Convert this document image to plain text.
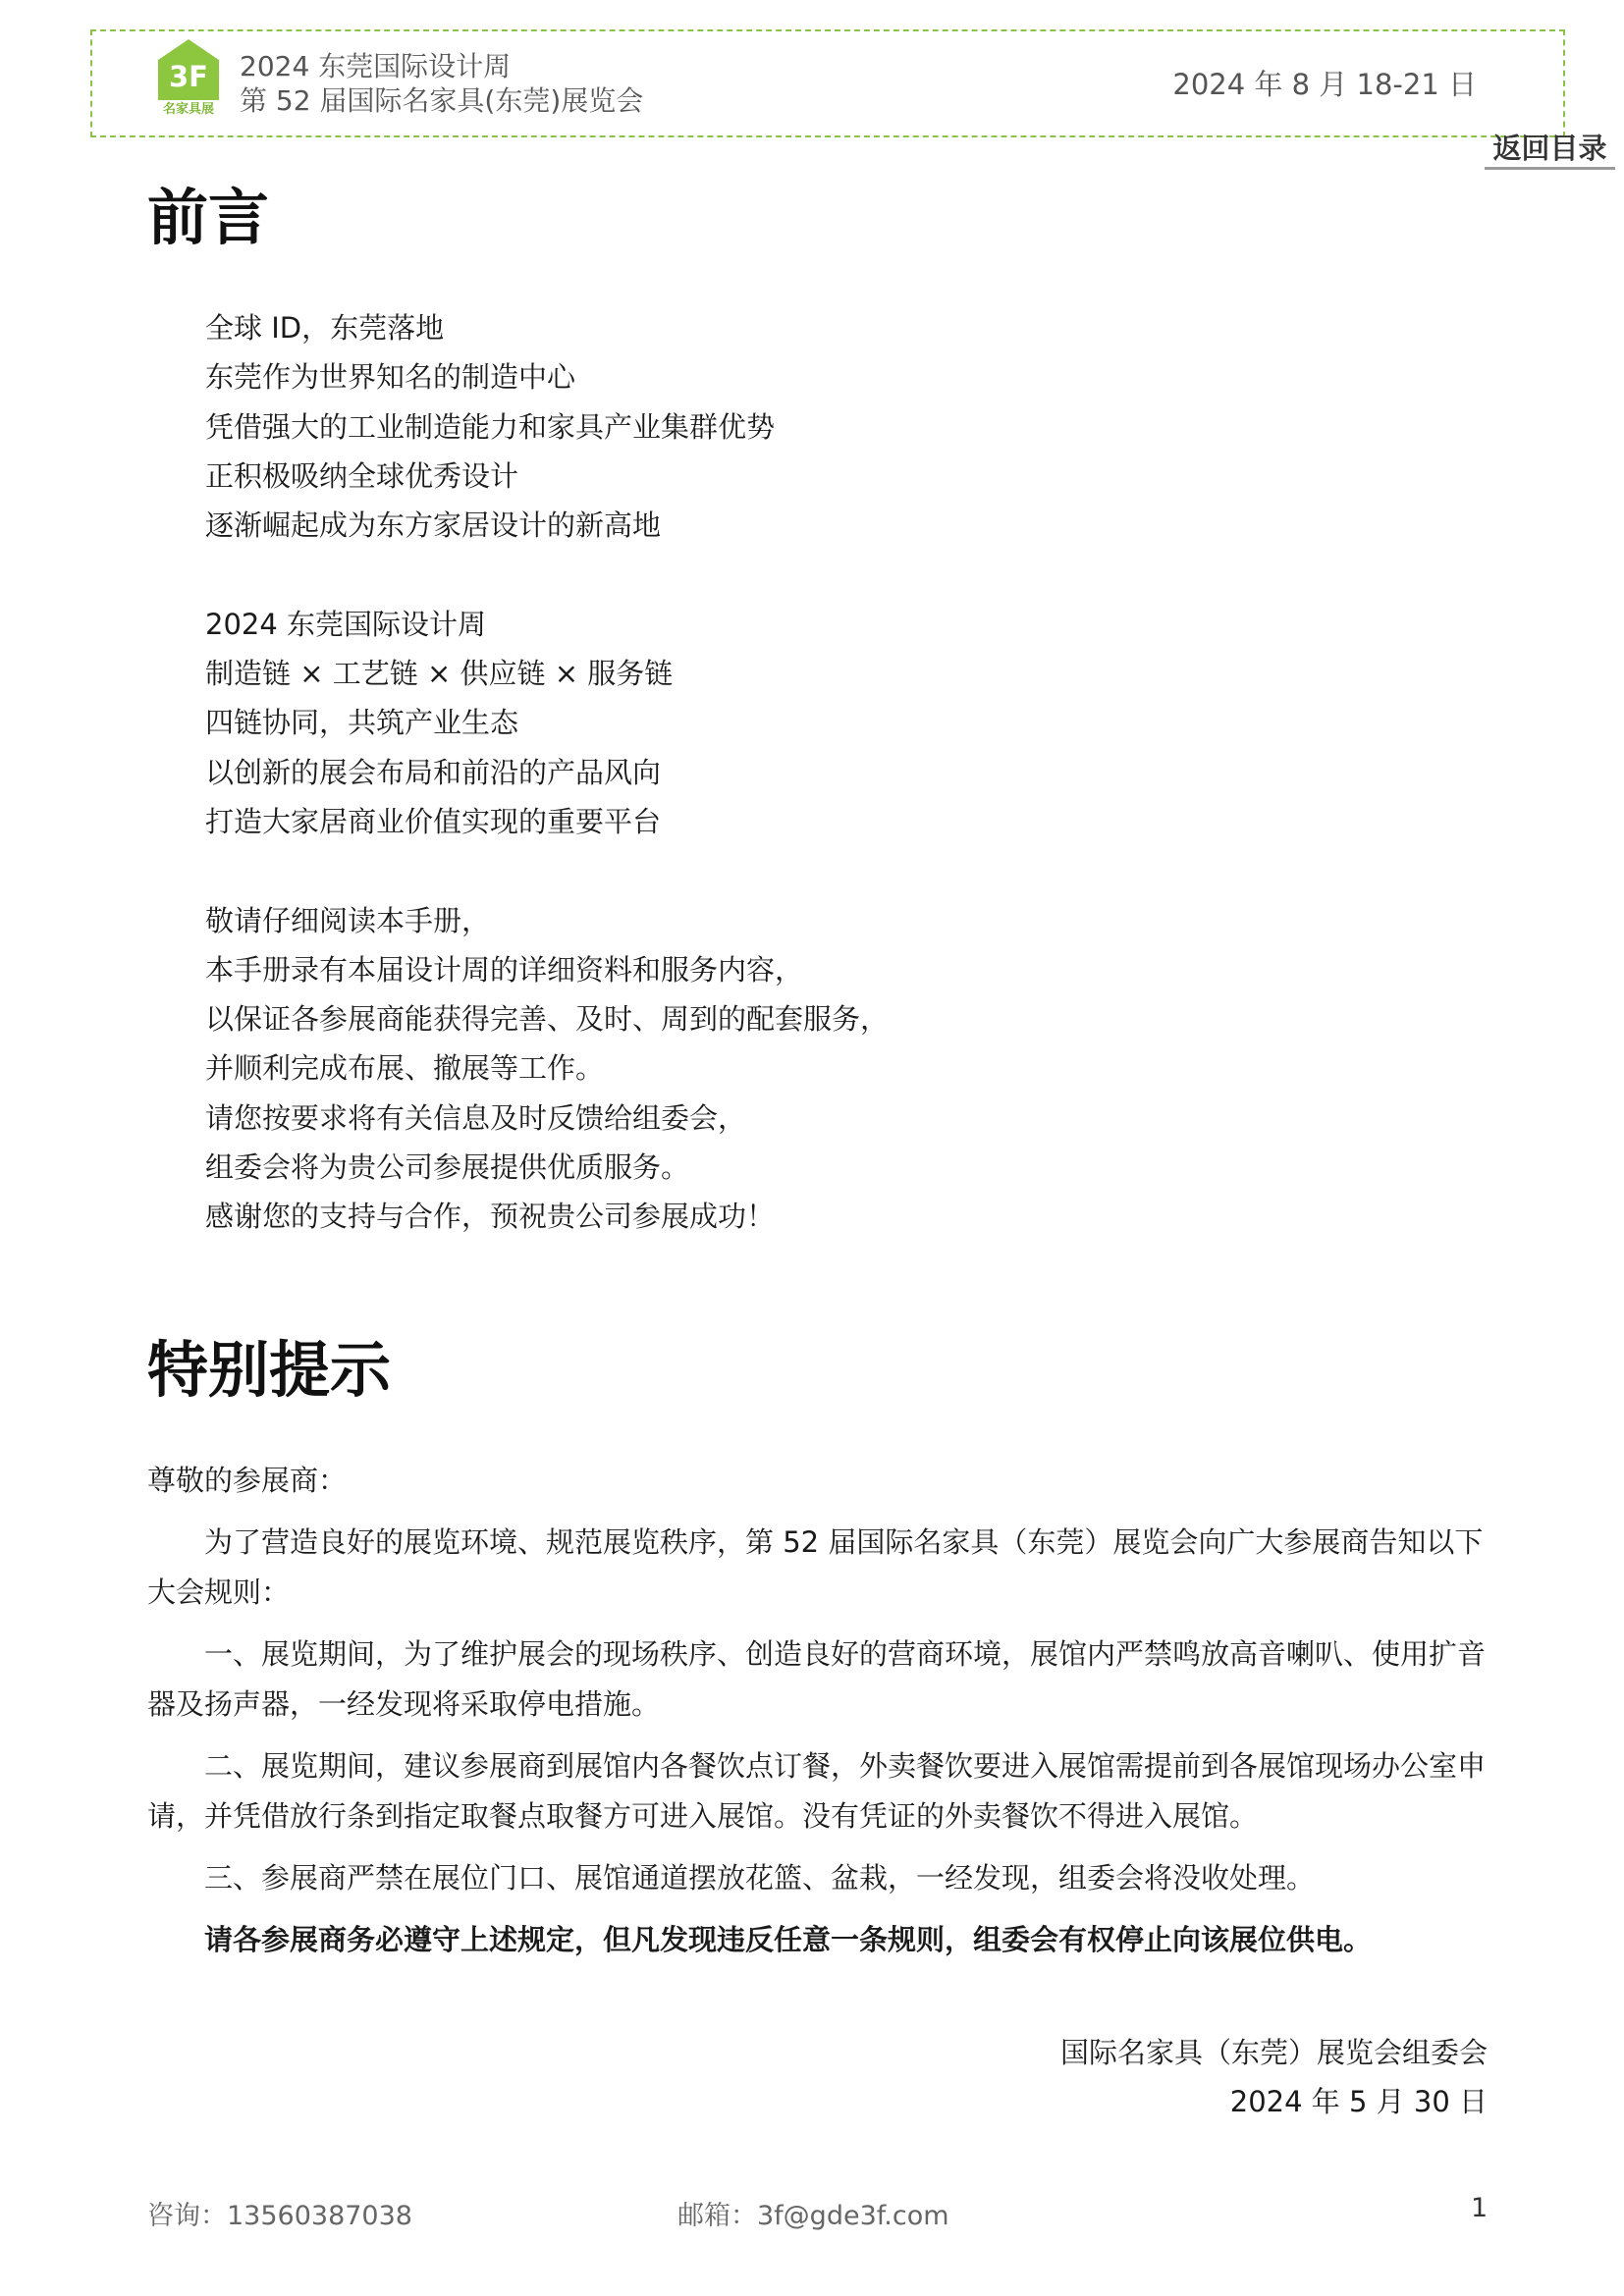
3F
名家具展
2024 东莞国际设计周
第 52 届国际名家具(东莞)展览会	2024 年 8 月 18-21 日
返回目录
前言
全球 ID，东莞落地
东莞作为世界知名的制造中心
凭借强大的工业制造能力和家具产业集群优势
正积极吸纳全球优秀设计
逐渐崛起成为东方家居设计的新高地
2024 东莞国际设计周
制造链 × 工艺链 × 供应链 × 服务链
四链协同，共筑产业生态
以创新的展会布局和前沿的产品风向
打造大家居商业价值实现的重要平台
敬请仔细阅读本手册，
本手册录有本届设计周的详细资料和服务内容，
以保证各参展商能获得完善、及时、周到的配套服务，
并顺利完成布展、撤展等工作。
请您按要求将有关信息及时反馈给组委会，
组委会将为贵公司参展提供优质服务。
感谢您的支持与合作，预祝贵公司参展成功！
特别提示

尊敬的参展商：

为了营造良好的展览环境、规范展览秩序，第 52 届国际名家具（东莞）展览会向广大参展商告知以下大会规则：

一、展览期间，为了维护展会的现场秩序、创造良好的营商环境，展馆内严禁鸣放高音喇叭、使用扩音器及扬声器，一经发现将采取停电措施。

二、展览期间，建议参展商到展馆内各餐饮点订餐，外卖餐饮要进入展馆需提前到各展馆现场办公室申请，并凭借放行条到指定取餐点取餐方可进入展馆。没有凭证的外卖餐饮不得进入展馆。

三、参展商严禁在展位门口、展馆通道摆放花篮、盆栽，一经发现，组委会将没收处理。

请各参展商务必遵守上述规定，但凡发现违反任意一条规则，组委会有权停止向该展位供电。

国际名家具（东莞）展览会组委会
2024 年 5 月 30 日
咨询：13560387038	邮箱：3f@gde3f.com	1
